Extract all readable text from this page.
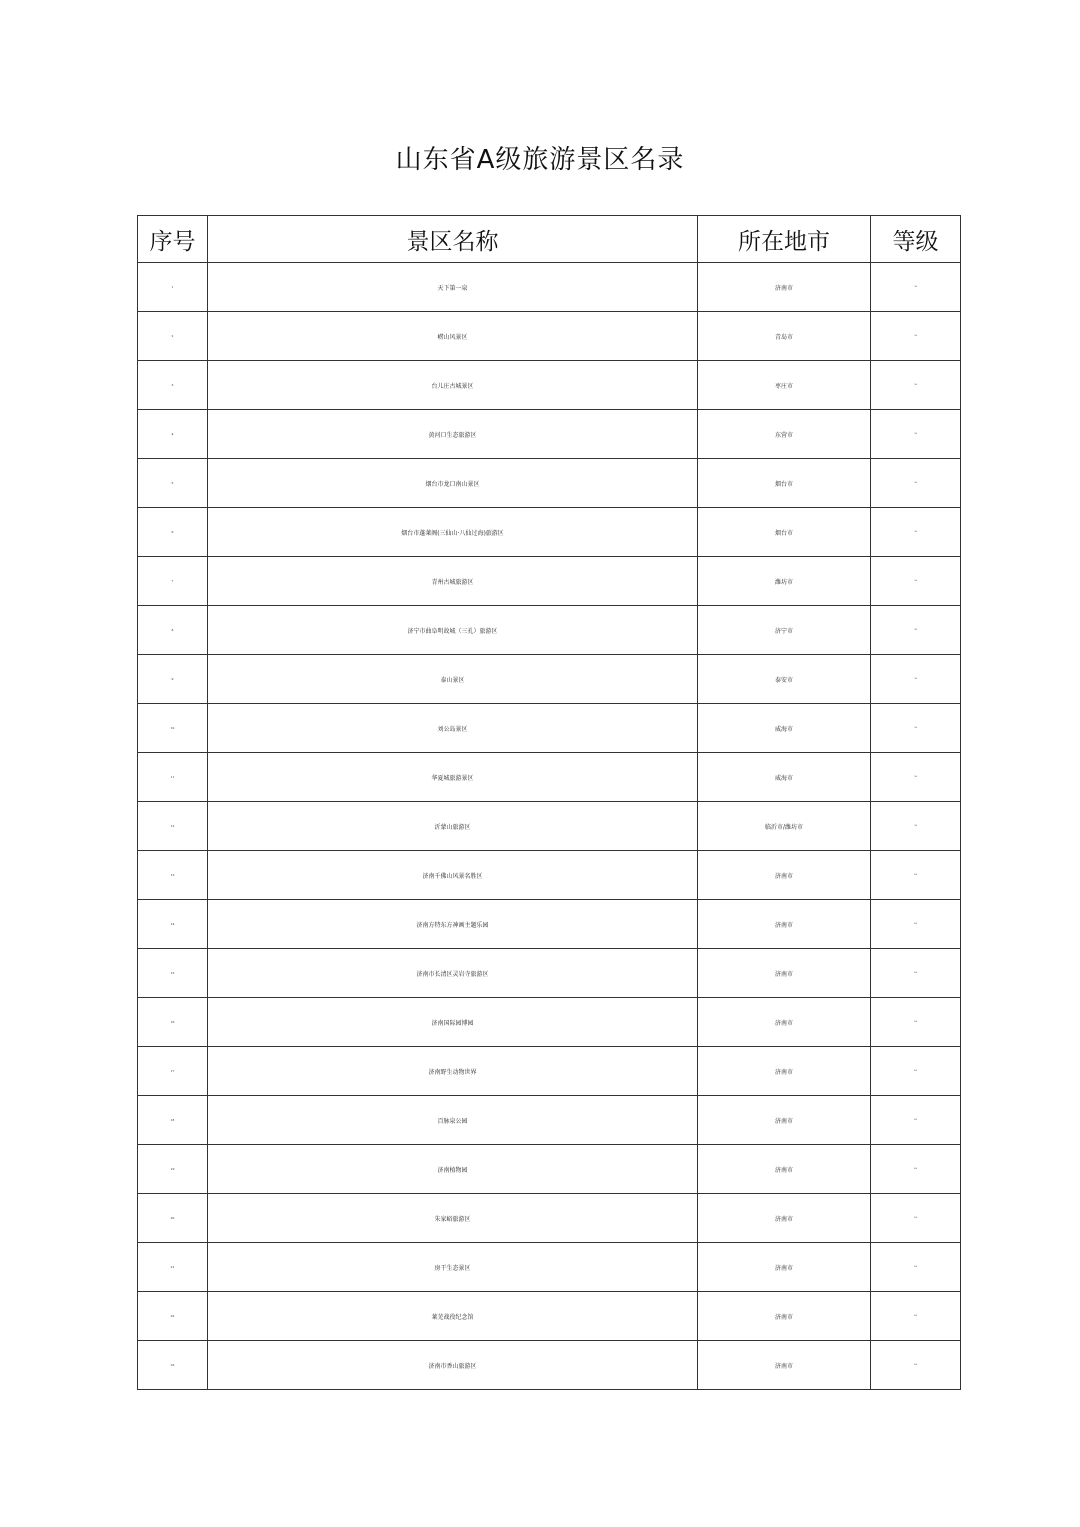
山东省A级旅游景区名录
序号	景区名称	所在地市	等级
1	天下第一泉	济南市	5A
2	崂山风景区	青岛市	5A
3	台儿庄古城景区	枣庄市	5A
4	黄河口生态旅游区	东营市	5A
5	烟台市龙口南山景区	烟台市	5A
6	烟台市蓬莱阁(三仙山·八仙过海)旅游区	烟台市	5A
7	青州古城旅游区	潍坊市	5A
8	济宁市曲阜明故城（三孔）旅游区	济宁市	5A
9	泰山景区	泰安市	5A
10	刘公岛景区	威海市	5A
11	华夏城旅游景区	威海市	5A
12	沂蒙山旅游区	临沂市/潍坊市	5A
13	济南千佛山风景名胜区	济南市	4A
14	济南方特东方神画主题乐园	济南市	4A
15	济南市长清区灵岩寺旅游区	济南市	4A
16	济南国际园博园	济南市	4A
17	济南野生动物世界	济南市	4A
18	百脉泉公园	济南市	4A
19	济南植物园	济南市	4A
20	朱家峪旅游区	济南市	4A
21	房干生态景区	济南市	4A
22	莱芜战役纪念馆	济南市	4A
23	济南市香山旅游区	济南市	4A
